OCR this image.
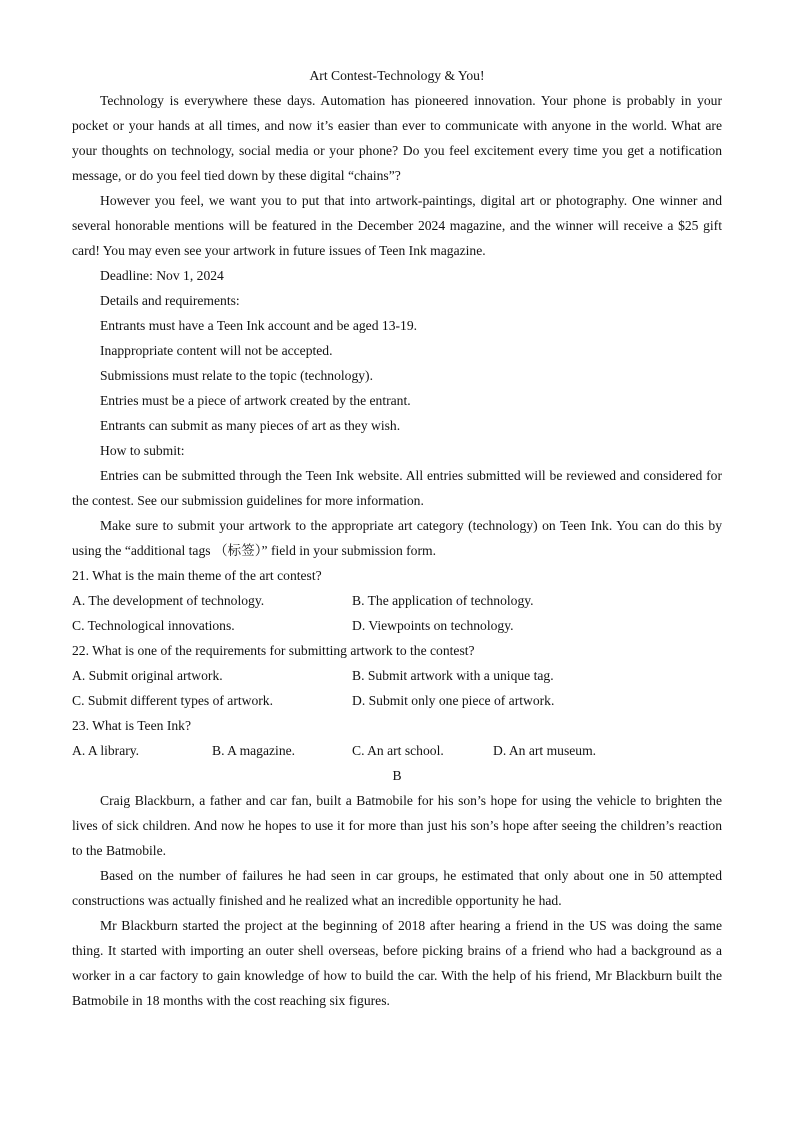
Art Contest-Technology & You!

Technology is everywhere these days. Automation has pioneered innovation. Your phone is probably in your pocket or your hands at all times, and now it’s easier than ever to communicate with anyone in the world. What are your thoughts on technology, social media or your phone? Do you feel excitement every time you get a notification message, or do you feel tied down by these digital “chains”?

However you feel, we want you to put that into artwork-paintings, digital art or photography. One winner and several honorable mentions will be featured in the December 2024 magazine, and the winner will receive a $25 gift card! You may even see your artwork in future issues of Teen Ink magazine.

Deadline: Nov 1, 2024

Details and requirements:

Entrants must have a Teen Ink account and be aged 13-19.

Inappropriate content will not be accepted.

Submissions must relate to the topic (technology).

Entries must be a piece of artwork created by the entrant.

Entrants can submit as many pieces of art as they wish.

How to submit:

Entries can be submitted through the Teen Ink website. All entries submitted will be reviewed and considered for the contest. See our submission guidelines for more information.

Make sure to submit your artwork to the appropriate art category (technology) on Teen Ink. You can do this by using the “additional tags （标签）” field in your submission form.

21. What is the main theme of the art contest?

A. The development of technology.	B. The application of technology.
C. Technological innovations.	D. Viewpoints on technology.

22. What is one of the requirements for submitting artwork to the contest?

A. Submit original artwork.	B. Submit artwork with a unique tag.
C. Submit different types of artwork.	D. Submit only one piece of artwork.

23. What is Teen Ink?

A. A library.	B. A magazine.	C. An art school.	D. An art museum.
B

Craig Blackburn, a father and car fan, built a Batmobile for his son’s hope for using the vehicle to brighten the lives of sick children. And now he hopes to use it for more than just his son’s hope after seeing the children’s reaction to the Batmobile.

Based on the number of failures he had seen in car groups, he estimated that only about one in 50 attempted constructions was actually finished and he realized what an incredible opportunity he had.

Mr Blackburn started the project at the beginning of 2018 after hearing a friend in the US was doing the same thing. It started with importing an outer shell overseas, before picking brains of a friend who had a background as a worker in a car factory to gain knowledge of how to build the car. With the help of his friend, Mr Blackburn built the Batmobile in 18 months with the cost reaching six figures.
